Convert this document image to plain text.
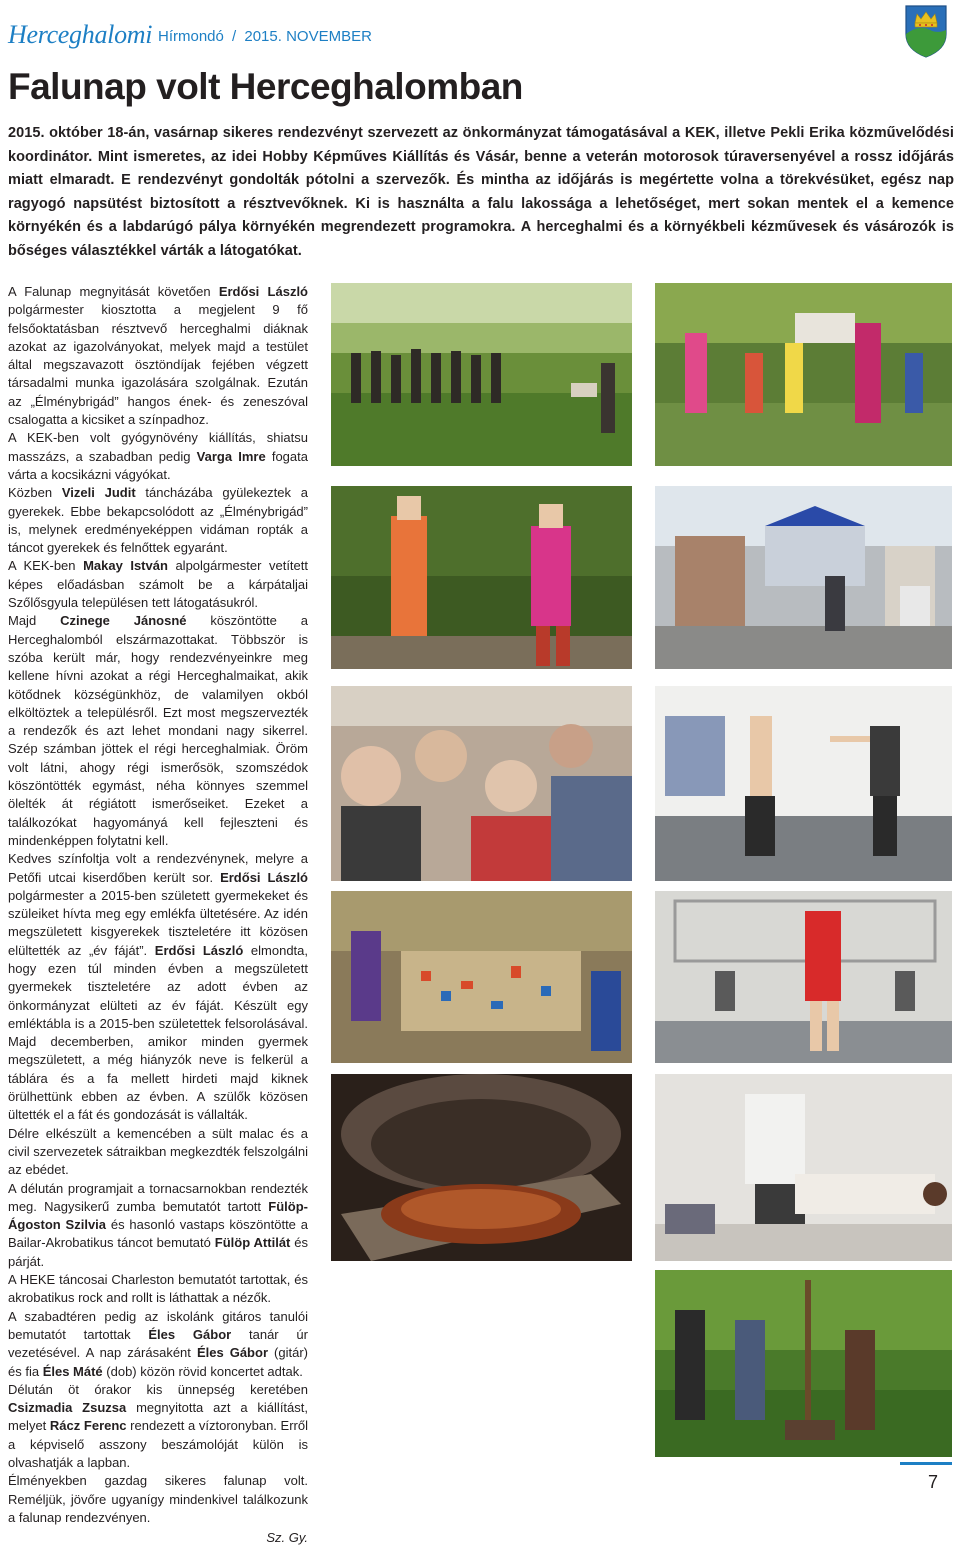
Herceghalomi Hírmondó / 2015. NOVEMBER
Falunap volt Herceghalomban

2015. október 18-án, vasárnap sikeres rendezvényt szervezett az önkormányzat támogatásával a KEK, illetve Pekli Erika közművelődési koordinátor. Mint ismeretes, az idei Hobby Képműves Kiállítás és Vásár, benne a veterán motorosok túraversenyével a rossz időjárás miatt elmaradt. E rendezvényt gondolták pótolni a szervezők. És mintha az időjárás is megértette volna a törekvésüket, egész nap ragyogó napsütést biztosított a résztvevőknek. Ki is használta a falu lakossága a lehetőséget, mert sokan mentek el a kemence környékén és a labdarúgó pálya környékén megrendezett programokra. A herceghalmi és a környékbeli kézművesek és vásározók is bőséges választékkel várták a látogatókat.

A Falunap megnyitását követően Erdősi László polgármester kiosztotta a megjelent 9 fő felsőoktatásban résztvevő herceghalmi diáknak azokat az igazolványokat, melyek majd a testület által megszavazott ösztöndíjak fejében végzett társadalmi munka igazolására szolgálnak. Ezután az „Élménybrigád” hangos ének- és zeneszóval csalogatta a kicsiket a színpadhoz.

A KEK-ben volt gyógynövény kiállítás, shiatsu masszázs, a szabadban pedig Varga Imre fogata várta a kocsikázni vágyókat.

Közben Vizeli Judit táncházába gyülekeztek a gyerekek. Ebbe bekapcsolódott az „Élménybrigád” is, melynek eredményeképpen vidáman ropták a táncot gyerekek és felnőttek egyaránt.

A KEK-ben Makay István alpolgármester vetített képes előadásban számolt be a kárpátaljai Szőlősgyula településen tett látogatásukról.

Majd Czinege Jánosné köszöntötte a Herceghalomból elszármazottakat. Többször is szóba került már, hogy rendezvényeinkre meg kellene hívni azokat a régi Herceghalmaikat, akik kötődnek községünkhöz, de valamilyen okból elköltöztek a településről. Ezt most megszervezték a rendezők és azt lehet mondani nagy sikerrel. Szép számban jöttek el régi herceghalmiak. Öröm volt látni, ahogy régi ismerősök, szomszédok köszöntötték egymást, néha könnyes szemmel ölelték át régiátott ismerőseiket. Ezeket a találkozókat hagyományá kell fejleszteni és mindenképpen folytatni kell.

Kedves színfoltja volt a rendezvénynek, melyre a Petőfi utcai kiserdőben került sor. Erdősi László polgármester a 2015-ben született gyermekeket és szüleiket hívta meg egy emlékfa ültetésére. Az idén megszületett kisgyerekek tiszteletére itt közösen elültették az „év fáját”. Erdősi László elmondta, hogy ezen túl minden évben a megszületett gyermekek tiszteletére az adott évben az önkormányzat elülteti az év fáját. Készült egy emléktábla is a 2015-ben születettek felsorolásával. Majd decemberben, amikor minden gyermek megszületett, a még hiányzók neve is felkerül a táblára és a fa mellett hirdeti majd kiknek örülhettünk ebben az évben. A szülők közösen ültették el a fát és gondozását is vállalták.

Délre elkészült a kemencében a sült malac és a civil szervezetek sátraikban megkezdték felszolgálni az ebédet.

A délután programjait a tornacsarnokban rendezték meg. Nagysikerű zumba bemutatót tartott Fülöp-Ágoston Szilvia és hasonló vastaps köszöntötte a Bailar-Akrobatikus táncot bemutató Fülöp Attilát és párját.

A HEKE táncosai Charleston bemutatót tartottak, és akrobatikus rock and rollt is láthattak a nézők.

A szabadtéren pedig az iskolánk gitáros tanulói bemutatót tartottak Éles Gábor tanár úr vezetésével. A nap zárásaként Éles Gábor (gitár) és fia Éles Máté (dob) közön rövid koncertet adtak.

Délután öt órakor kis ünnepség keretében Csizmadia Zsuzsa megnyitotta azt a kiállítást, melyet Rácz Ferenc rendezett a víztoronyban. Erről a képviselő asszony beszámolóját külön is olvashatják a lapban.

Élményekben gazdag sikeres falunap volt. Reméljük, jövőre ugyanígy mindenkivel találkozunk a falunap rendezvényen.

Sz. Gy.

7
